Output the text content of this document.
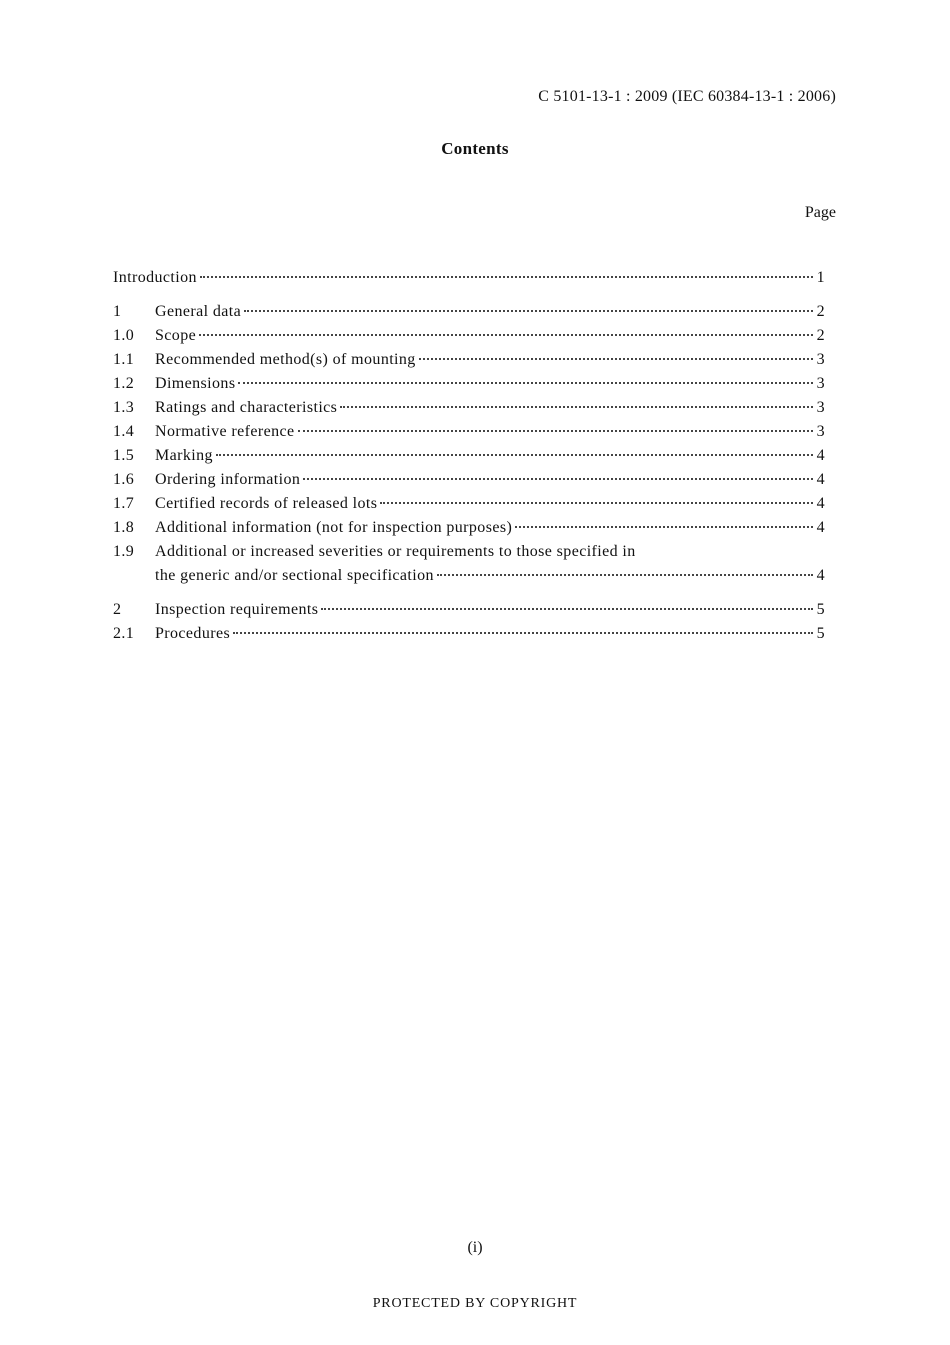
C 5101-13-1 : 2009 (IEC 60384-13-1 : 2006)
Contents
Page
Introduction	1
1	General data	2
1.0	Scope	2
1.1	Recommended method(s) of mounting	3
1.2	Dimensions	3
1.3	Ratings and characteristics	3
1.4	Normative reference	3
1.5	Marking	4
1.6	Ordering information	4
1.7	Certified records of released lots	4
1.8	Additional information (not for inspection purposes)	4
1.9	Additional or increased severities or requirements to those specified in
the generic and/or sectional specification	4
2	Inspection requirements	5
2.1	Procedures	5
(i)
PROTECTED BY COPYRIGHT
